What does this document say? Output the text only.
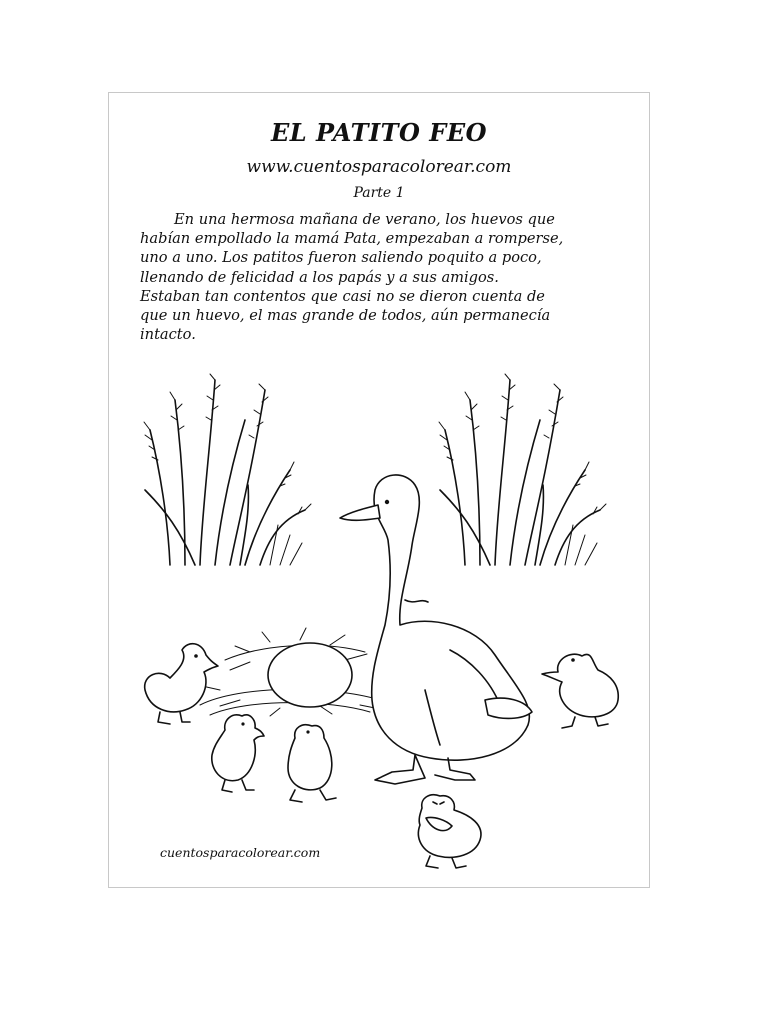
EL PATITO FEO

www.cuentosparacolorear.com

Parte 1

En una hermosa mañana de verano, los huevos que
habían empollado la mamá Pata, empezaban a romperse,
uno a uno. Los patitos fueron saliendo poquito a poco,
llenando de felicidad a los papás y a sus amigos.
Estaban tan contentos que casi no se dieron cuenta de
que un huevo, el mas grande de todos, aún permanecía
intacto.

cuentosparacolorear.com
